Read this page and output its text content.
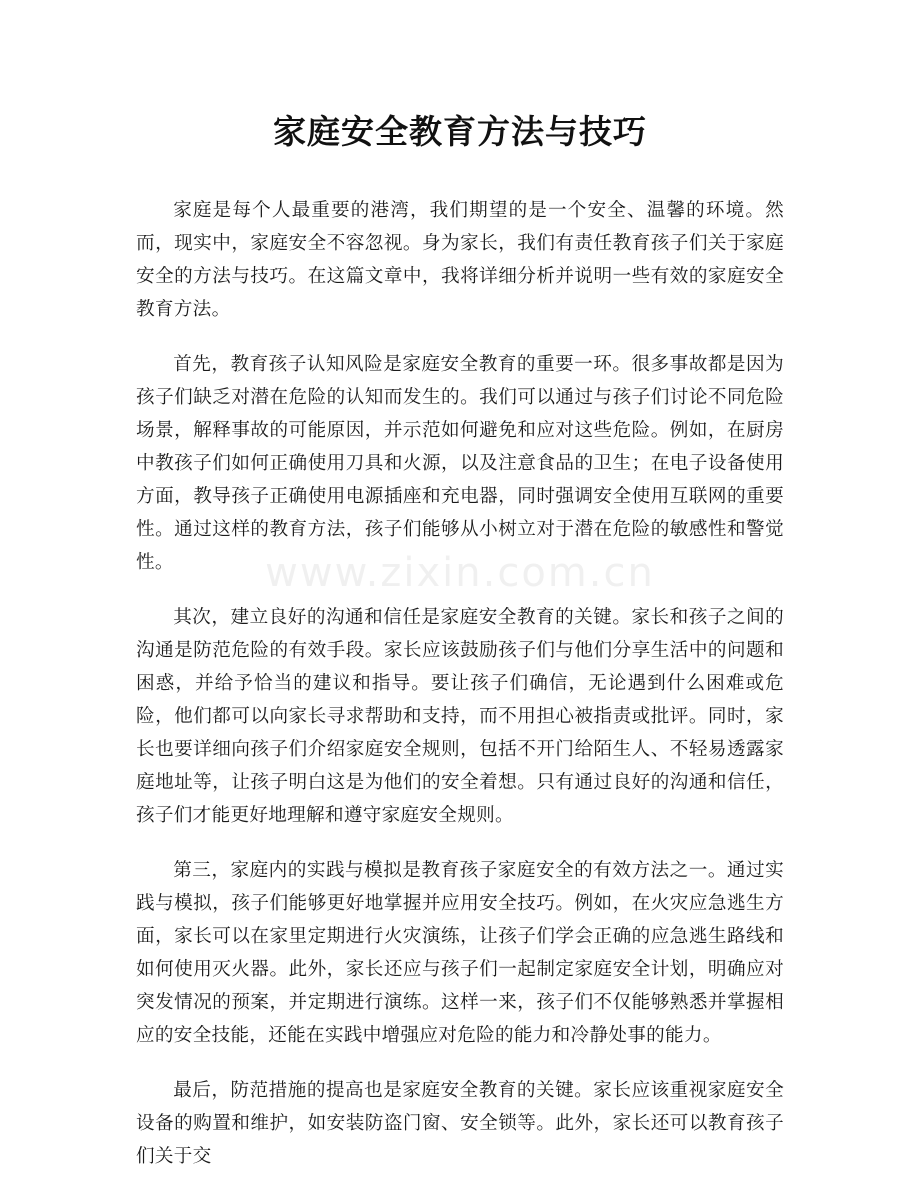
家庭安全教育方法与技巧

家庭是每个人最重要的港湾，我们期望的是一个安全、温馨的环境。然而，现实中，家庭安全不容忽视。身为家长，我们有责任教育孩子们关于家庭安全的方法与技巧。在这篇文章中，我将详细分析并说明一些有效的家庭安全教育方法。

首先，教育孩子认知风险是家庭安全教育的重要一环。很多事故都是因为孩子们缺乏对潜在危险的认知而发生的。我们可以通过与孩子们讨论不同危险场景，解释事故的可能原因，并示范如何避免和应对这些危险。例如，在厨房中教孩子们如何正确使用刀具和火源，以及注意食品的卫生；在电子设备使用方面，教导孩子正确使用电源插座和充电器，同时强调安全使用互联网的重要性。通过这样的教育方法，孩子们能够从小树立对于潜在危险的敏感性和警觉性。

其次，建立良好的沟通和信任是家庭安全教育的关键。家长和孩子之间的沟通是防范危险的有效手段。家长应该鼓励孩子们与他们分享生活中的问题和困惑，并给予恰当的建议和指导。要让孩子们确信，无论遇到什么困难或危险，他们都可以向家长寻求帮助和支持，而不用担心被指责或批评。同时，家长也要详细向孩子们介绍家庭安全规则，包括不开门给陌生人、不轻易透露家庭地址等，让孩子明白这是为他们的安全着想。只有通过良好的沟通和信任，孩子们才能更好地理解和遵守家庭安全规则。

第三，家庭内的实践与模拟是教育孩子家庭安全的有效方法之一。通过实践与模拟，孩子们能够更好地掌握并应用安全技巧。例如，在火灾应急逃生方面，家长可以在家里定期进行火灾演练，让孩子们学会正确的应急逃生路线和如何使用灭火器。此外，家长还应与孩子们一起制定家庭安全计划，明确应对突发情况的预案，并定期进行演练。这样一来，孩子们不仅能够熟悉并掌握相应的安全技能，还能在实践中增强应对危险的能力和冷静处事的能力。

最后，防范措施的提高也是家庭安全教育的关键。家长应该重视家庭安全设备的购置和维护，如安装防盗门窗、安全锁等。此外，家长还可以教育孩子们关于交

www.zixin.com.cn
